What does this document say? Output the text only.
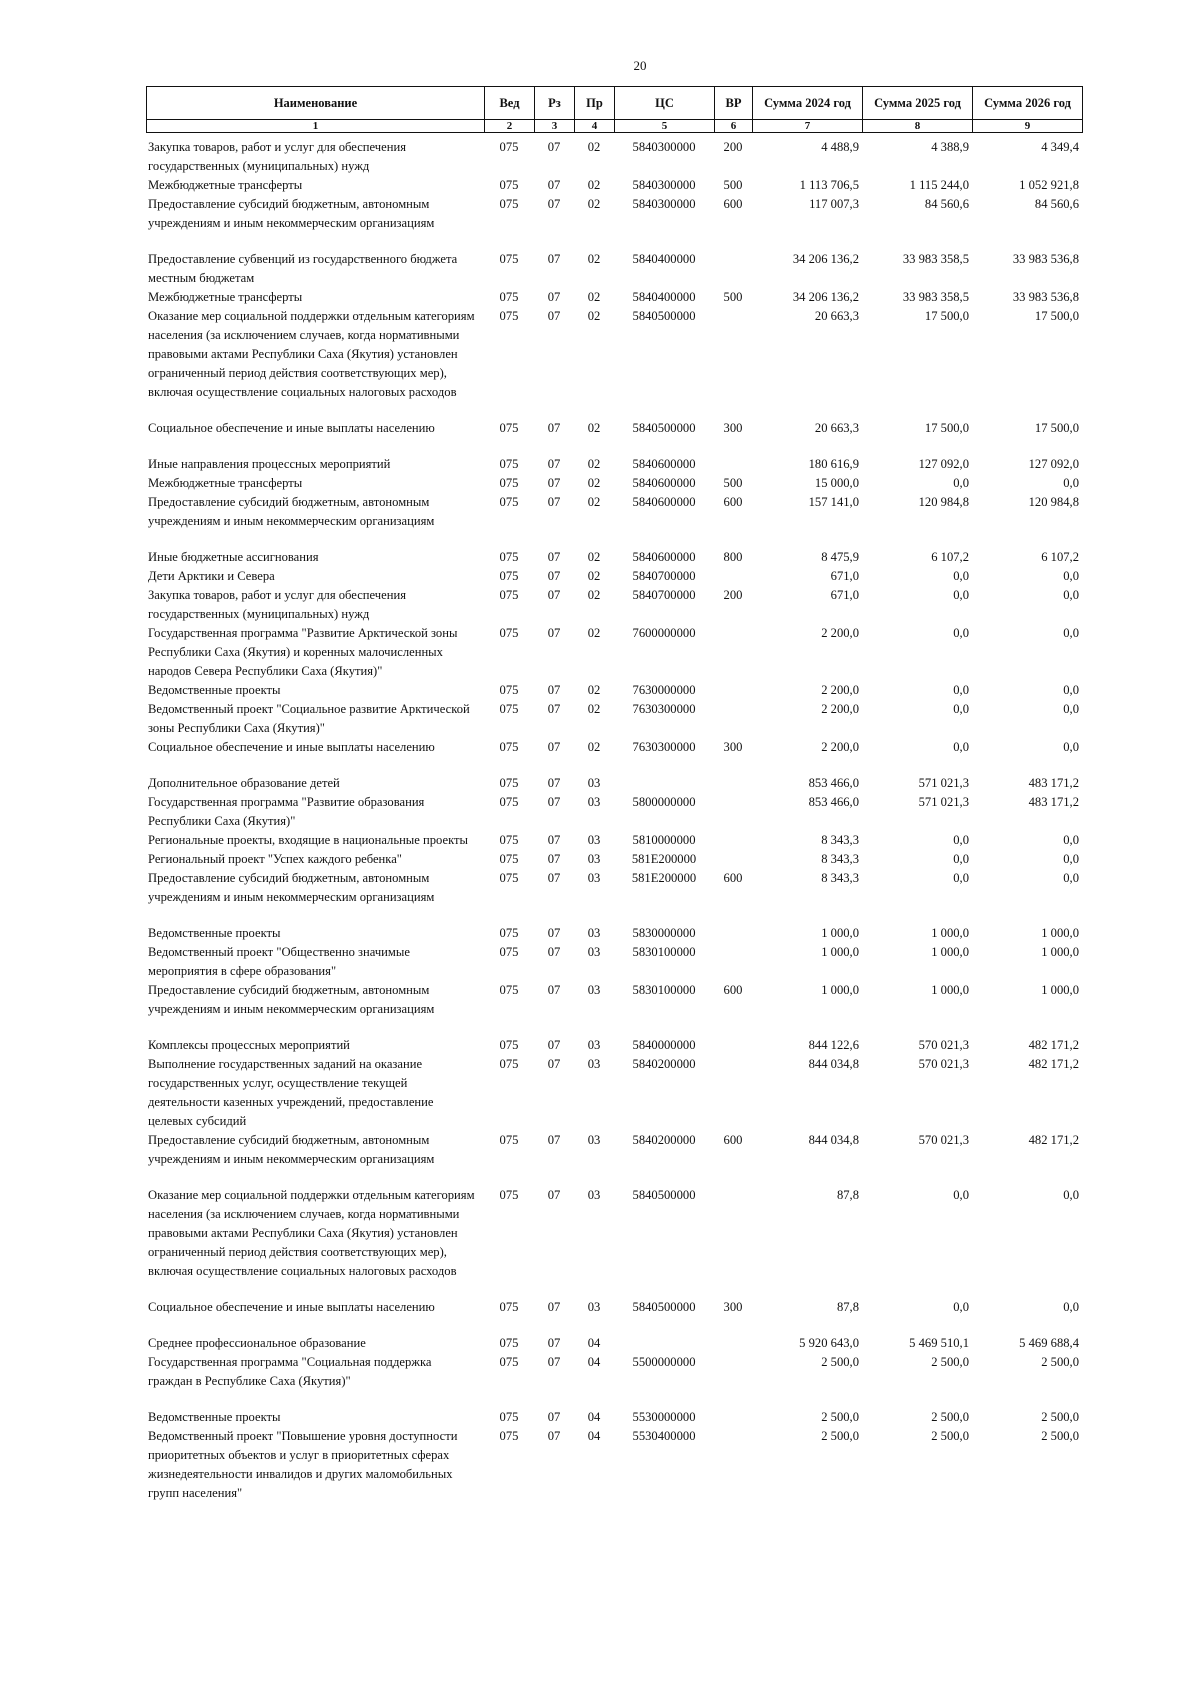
20
Наименование	Вед	Рз	Пр	ЦС	ВР	Сумма 2024 год	Сумма 2025 год	Сумма 2026 год
1	2	3	4	5	6	7	8	9
Закупка товаров, работ и услуг для обеспечения государственных (муниципальных) нужд	075	07	02	5840300000	200	4 488,9	4 388,9	4 349,4
Межбюджетные трансферты	075	07	02	5840300000	500	1 113 706,5	1 115 244,0	1 052 921,8
Предоставление субсидий бюджетным, автономным учреждениям и иным некоммерческим организациям	075	07	02	5840300000	600	117 007,3	84 560,6	84 560,6

Предоставление субвенций из государственного бюджета местным бюджетам	075	07	02	5840400000		34 206 136,2	33 983 358,5	33 983 536,8
Межбюджетные трансферты	075	07	02	5840400000	500	34 206 136,2	33 983 358,5	33 983 536,8
Оказание мер социальной поддержки отдельным категориям населения (за исключением случаев, когда нормативными правовыми актами Республики Саха (Якутия) установлен ограниченный период действия соответствующих мер), включая осуществление социальных налоговых расходов	075	07	02	5840500000		20 663,3	17 500,0	17 500,0

Социальное обеспечение и иные выплаты населению	075	07	02	5840500000	300	20 663,3	17 500,0	17 500,0

Иные направления процессных мероприятий	075	07	02	5840600000		180 616,9	127 092,0	127 092,0
Межбюджетные трансферты	075	07	02	5840600000	500	15 000,0	0,0	0,0
Предоставление субсидий бюджетным, автономным учреждениям и иным некоммерческим организациям	075	07	02	5840600000	600	157 141,0	120 984,8	120 984,8

Иные бюджетные ассигнования	075	07	02	5840600000	800	8 475,9	6 107,2	6 107,2
Дети Арктики и Севера	075	07	02	5840700000		671,0	0,0	0,0
Закупка товаров, работ и услуг для обеспечения государственных (муниципальных) нужд	075	07	02	5840700000	200	671,0	0,0	0,0
Государственная программа "Развитие Арктической зоны Республики Саха (Якутия) и коренных малочисленных народов Севера Республики Саха (Якутия)"	075	07	02	7600000000		2 200,0	0,0	0,0
Ведомственные проекты	075	07	02	7630000000		2 200,0	0,0	0,0
Ведомственный проект "Социальное развитие Арктической зоны Республики Саха (Якутия)"	075	07	02	7630300000		2 200,0	0,0	0,0
Социальное обеспечение и иные выплаты населению	075	07	02	7630300000	300	2 200,0	0,0	0,0

Дополнительное образование детей	075	07	03			853 466,0	571 021,3	483 171,2
Государственная программа "Развитие образования Республики Саха (Якутия)"	075	07	03	5800000000		853 466,0	571 021,3	483 171,2
Региональные проекты, входящие в национальные проекты	075	07	03	5810000000		8 343,3	0,0	0,0
Региональный проект "Успех каждого ребенка"	075	07	03	581E200000		8 343,3	0,0	0,0
Предоставление субсидий бюджетным, автономным учреждениям и иным некоммерческим организациям	075	07	03	581E200000	600	8 343,3	0,0	0,0

Ведомственные проекты	075	07	03	5830000000		1 000,0	1 000,0	1 000,0
Ведомственный проект "Общественно значимые мероприятия в сфере образования"	075	07	03	5830100000		1 000,0	1 000,0	1 000,0
Предоставление субсидий бюджетным, автономным учреждениям и иным некоммерческим организациям	075	07	03	5830100000	600	1 000,0	1 000,0	1 000,0

Комплексы процессных мероприятий	075	07	03	5840000000		844 122,6	570 021,3	482 171,2
Выполнение государственных заданий на оказание государственных услуг, осуществление текущей деятельности казенных учреждений, предоставление целевых субсидий	075	07	03	5840200000		844 034,8	570 021,3	482 171,2
Предоставление субсидий бюджетным, автономным учреждениям и иным некоммерческим организациям	075	07	03	5840200000	600	844 034,8	570 021,3	482 171,2

Оказание мер социальной поддержки отдельным категориям населения (за исключением случаев, когда нормативными правовыми актами Республики Саха (Якутия) установлен ограниченный период действия соответствующих мер), включая осуществление социальных налоговых расходов	075	07	03	5840500000		87,8	0,0	0,0

Социальное обеспечение и иные выплаты населению	075	07	03	5840500000	300	87,8	0,0	0,0

Среднее профессиональное образование	075	07	04			5 920 643,0	5 469 510,1	5 469 688,4
Государственная программа "Социальная поддержка граждан в Республике Саха (Якутия)"	075	07	04	5500000000		2 500,0	2 500,0	2 500,0

Ведомственные проекты	075	07	04	5530000000		2 500,0	2 500,0	2 500,0
Ведомственный проект "Повышение уровня доступности приоритетных объектов и услуг в приоритетных сферах жизнедеятельности инвалидов и других маломобильных групп населения"	075	07	04	5530400000		2 500,0	2 500,0	2 500,0
